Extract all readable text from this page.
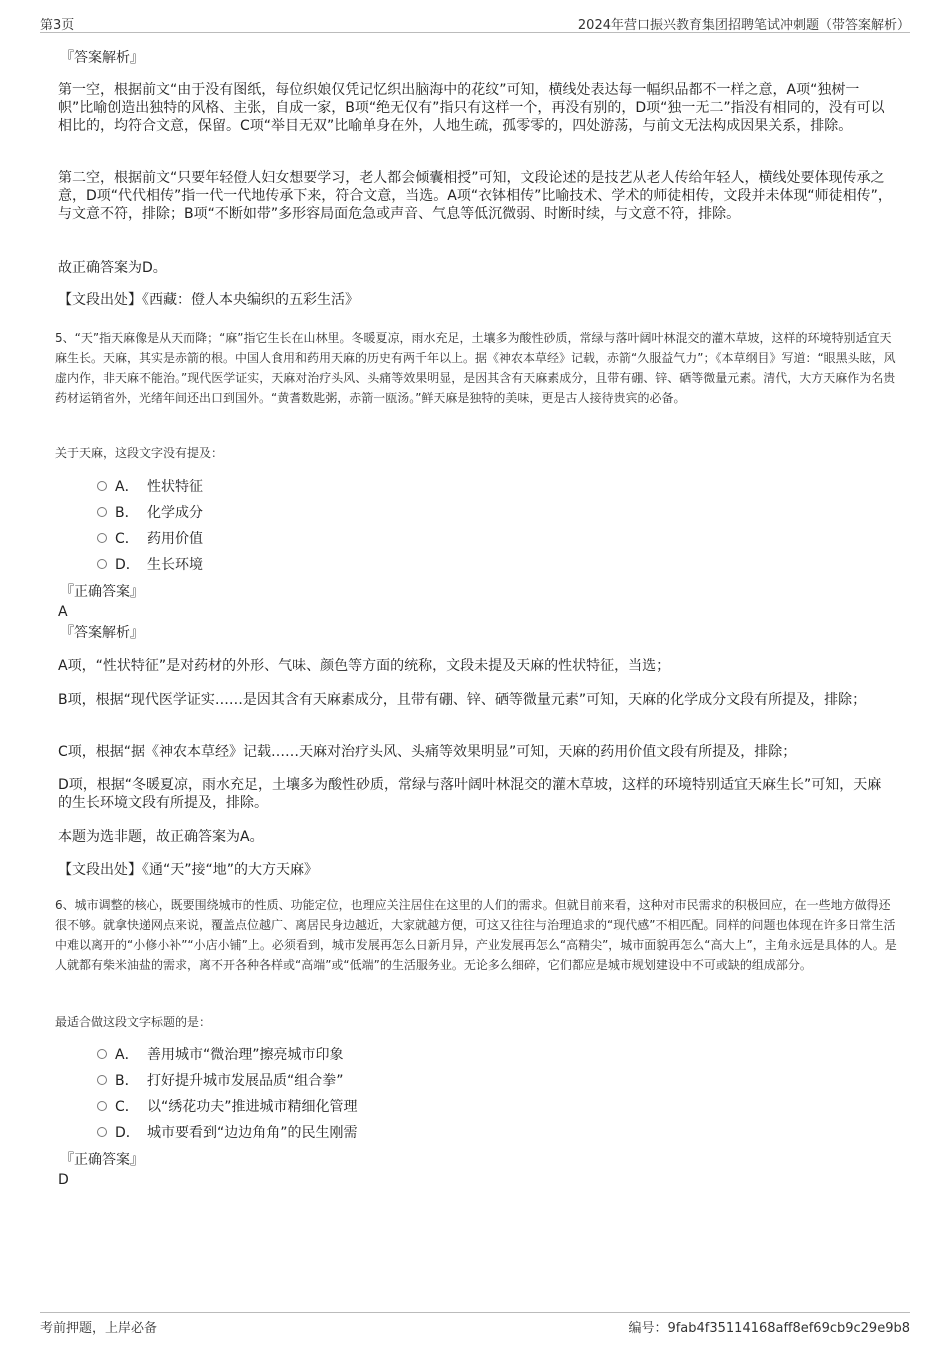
第3页	2024年营口振兴教育集团招聘笔试冲刺题（带答案解析）
『答案解析』
第一空，根据前文“由于没有图纸，每位织娘仅凭记忆织出脑海中的花纹”可知，横线处表达每一幅织品都不一样之意，A项“独树一帜”比喻创造出独特的风格、主张，自成一家，B项“绝无仅有”指只有这样一个，再没有别的，D项“独一无二”指没有相同的，没有可以相比的，均符合文意，保留。C项“举目无双”比喻单身在外，人地生疏，孤零零的，四处游荡，与前文无法构成因果关系，排除。
第二空，根据前文“只要年轻僜人妇女想要学习，老人都会倾囊相授”可知，文段论述的是技艺从老人传给年轻人，横线处要体现传承之意，D项“代代相传”指一代一代地传承下来，符合文意，当选。A项“衣钵相传”比喻技术、学术的师徒相传，文段并未体现“师徒相传”，与文意不符，排除；B项“不断如带”多形容局面危急或声音、气息等低沉微弱、时断时续，与文意不符，排除。
故正确答案为D。
【文段出处】《西藏：僜人本央编织的五彩生活》
5、“天”指天麻像是从天而降；“麻”指它生长在山林里。冬暖夏凉，雨水充足，土壤多为酸性砂质，常绿与落叶阔叶林混交的灌木草坡，这样的环境特别适宜天麻生长。天麻，其实是赤箭的根。中国人食用和药用天麻的历史有两千年以上。据《神农本草经》记载，赤箭“久服益气力”；《本草纲目》写道：“眼黑头眩，风虚内作，非天麻不能治。”现代医学证实，天麻对治疗头风、头痛等效果明显，是因其含有天麻素成分，且带有硼、锌、硒等微量元素。清代，大方天麻作为名贵药材运销省外，光绪年间还出口到国外。“黄耆数匙粥，赤箭一瓯汤。”鲜天麻是独特的美味，更是古人接待贵宾的必备。
关于天麻，这段文字没有提及：
A． 性状特征
B． 化学成分
C． 药用价值
D． 生长环境
『正确答案』
A
『答案解析』
A项，“性状特征”是对药材的外形、气味、颜色等方面的统称，文段未提及天麻的性状特征，当选；
B项，根据“现代医学证实……是因其含有天麻素成分，且带有硼、锌、硒等微量元素”可知，天麻的化学成分文段有所提及，排除；
C项，根据“据《神农本草经》记载……天麻对治疗头风、头痛等效果明显”可知，天麻的药用价值文段有所提及，排除；
D项，根据“冬暖夏凉，雨水充足，土壤多为酸性砂质，常绿与落叶阔叶林混交的灌木草坡，这样的环境特别适宜天麻生长”可知，天麻的生长环境文段有所提及，排除。
本题为选非题，故正确答案为A。
【文段出处】《通“天”接“地”的大方天麻》
6、城市调整的核心，既要围绕城市的性质、功能定位，也理应关注居住在这里的人们的需求。但就目前来看，这种对市民需求的积极回应，在一些地方做得还很不够。就拿快递网点来说，覆盖点位越广、离居民身边越近，大家就越方便，可这又往往与治理追求的“现代感”不相匹配。同样的问题也体现在许多日常生活中难以离开的“小修小补”“小店小铺”上。必须看到，城市发展再怎么日新月异，产业发展再怎么“高精尖”，城市面貌再怎么“高大上”，主角永远是具体的人。是人就都有柴米油盐的需求，离不开各种各样或“高端”或“低端”的生活服务业。无论多么细碎，它们都应是城市规划建设中不可或缺的组成部分。
最适合做这段文字标题的是：
A． 善用城市“微治理”擦亮城市印象
B． 打好提升城市发展品质“组合拳”
C． 以“绣花功夫”推进城市精细化管理
D． 城市要看到“边边角角”的民生刚需
『正确答案』
D
考前押题，上岸必备	编号：9fab4f35114168aff8ef69cb9c29e9b8
